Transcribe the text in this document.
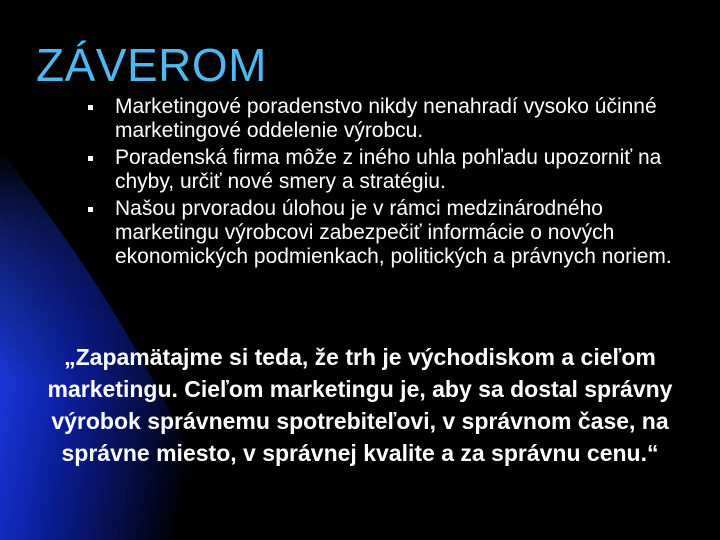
ZÁVEROM
Marketingové poradenstvo nikdy nenahradí vysoko účinné marketingové oddelenie výrobcu.
Poradenská firma môže z iného uhla pohľadu upozorniť na chyby, určiť nové smery a stratégiu.
Našou prvoradou úlohou je v rámci medzinárodného marketingu výrobcovi zabezpečiť informácie o nových ekonomických podmienkach, politických a právnych noriem.

„Zapamätajme si teda, že trh je východiskom a cieľom marketingu. Cieľom marketingu je, aby sa dostal správny výrobok správnemu spotrebiteľovi, v správnom čase, na správne miesto, v správnej kvalite a za správnu cenu.“
